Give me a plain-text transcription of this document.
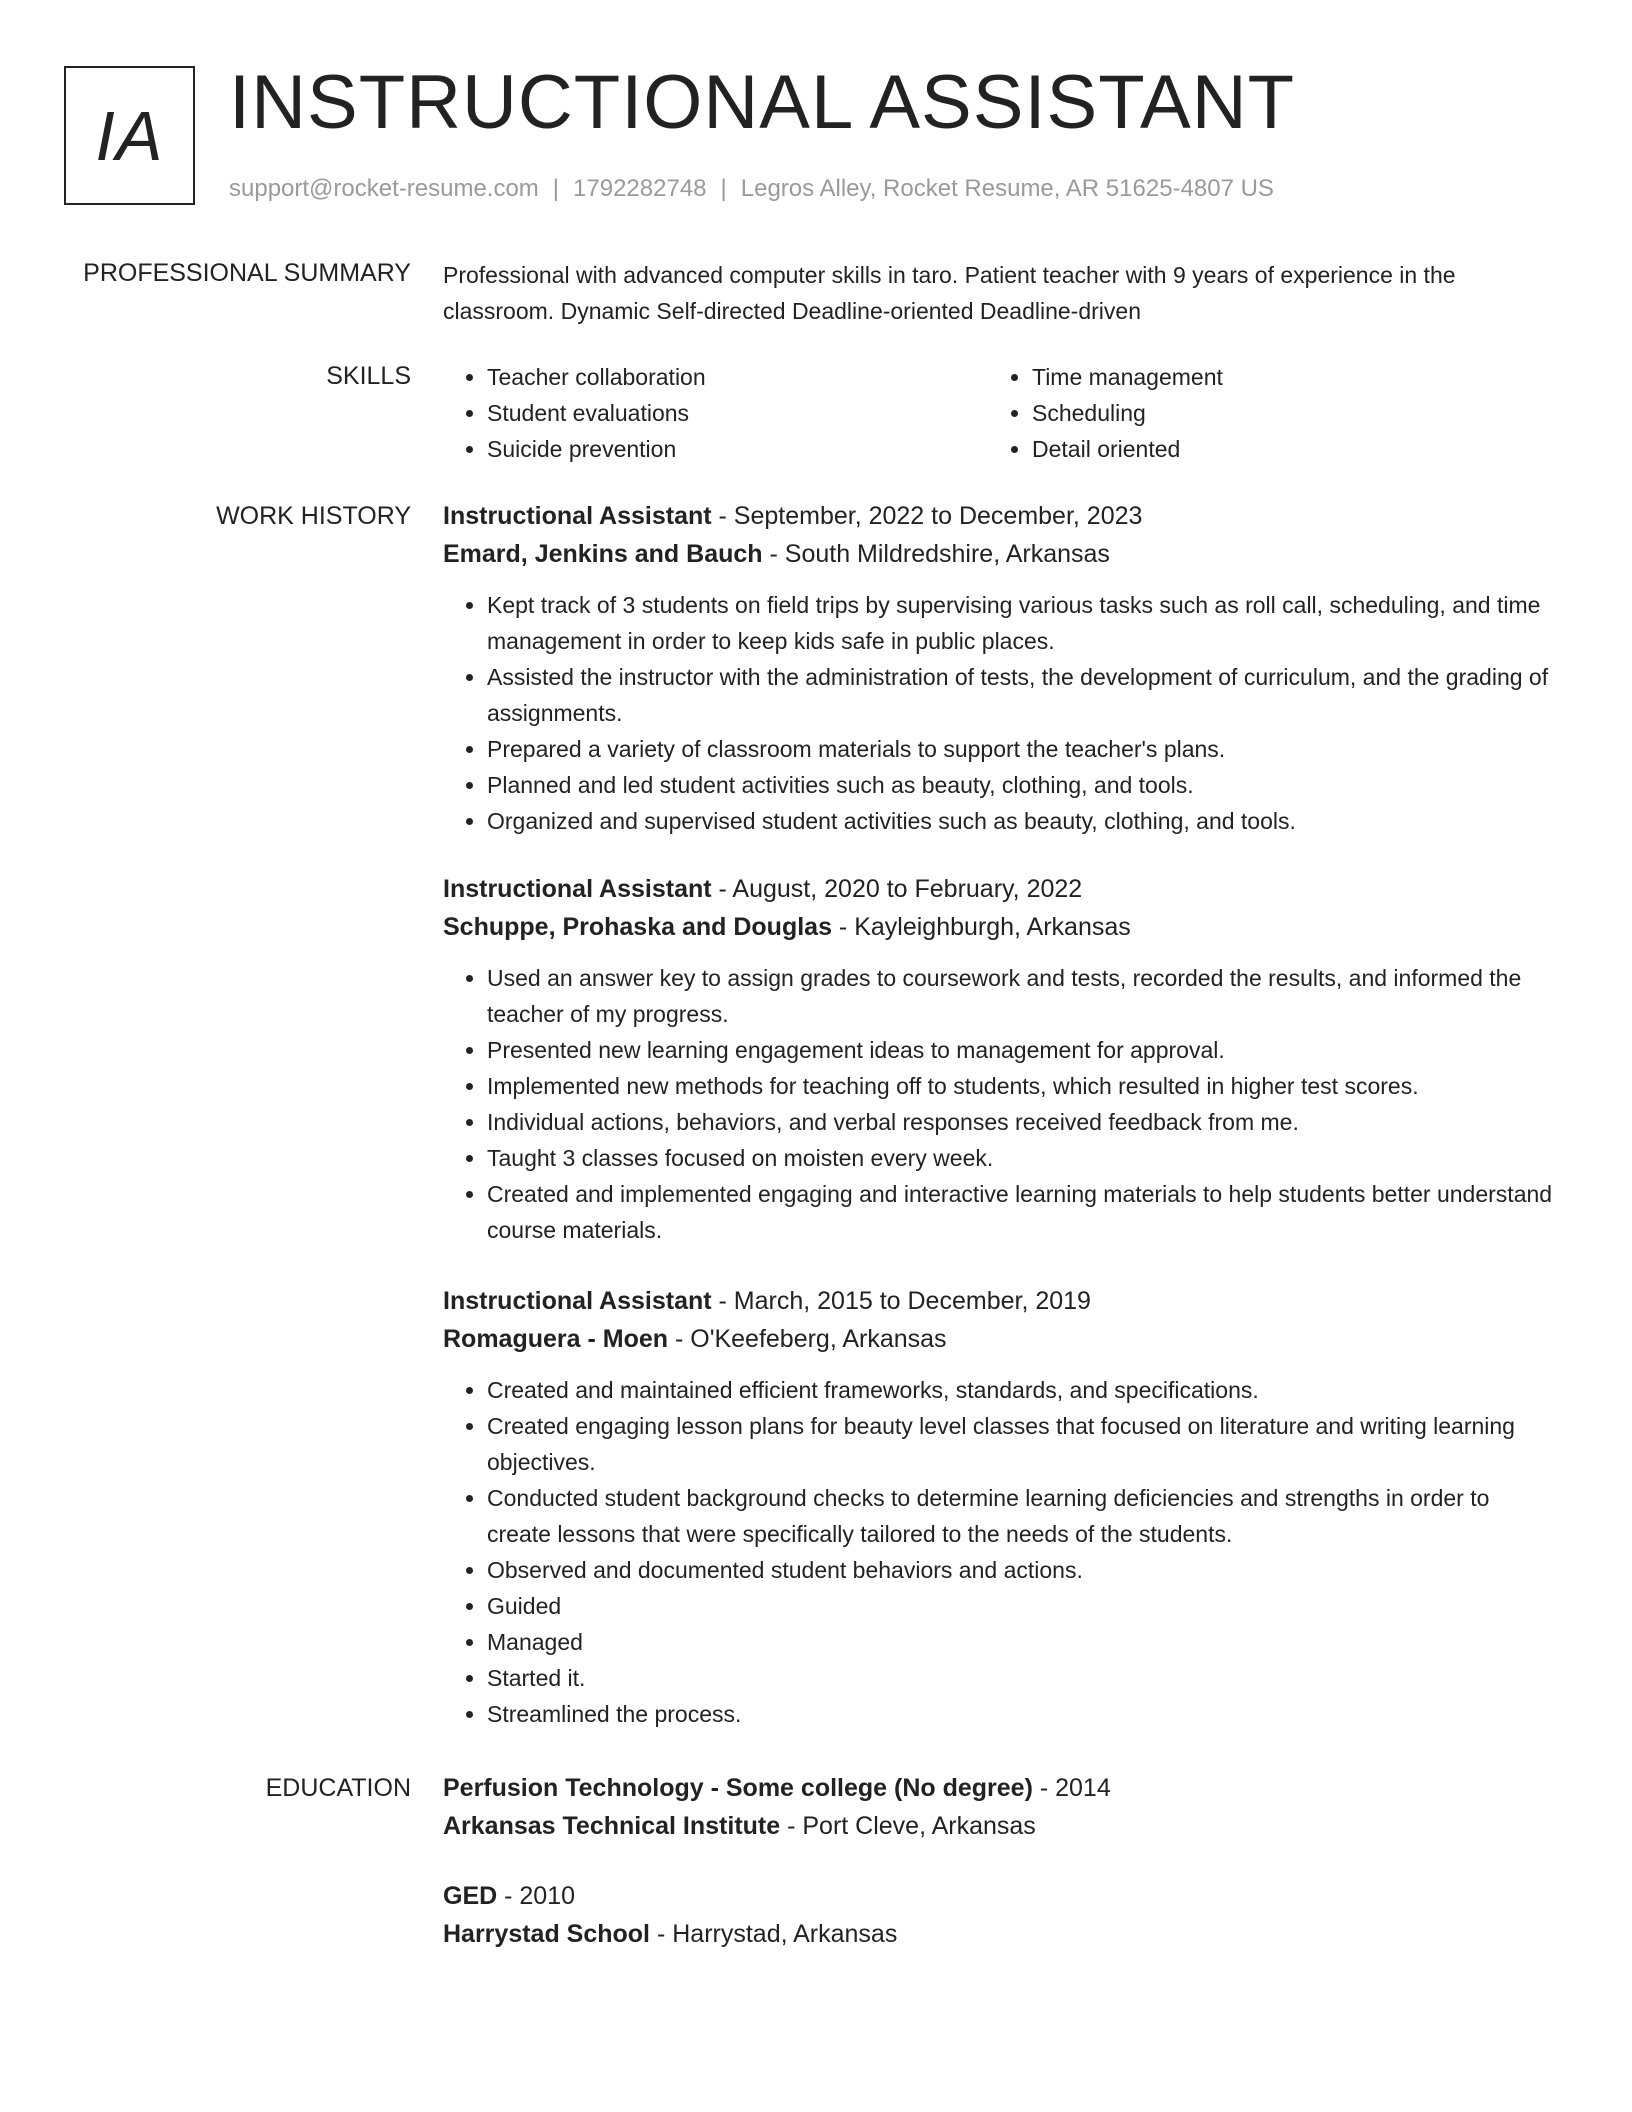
IA INSTRUCTIONAL ASSISTANT
support@rocket-resume.com | 1792282748 | Legros Alley, Rocket Resume, AR 51625-4807 US
PROFESSIONAL SUMMARY Professional with advanced computer skills in taro. Patient teacher with 9 years of experience in the classroom. Dynamic Self-directed Deadline-oriented Deadline-driven
SKILLS
•	Teacher collaboration
• Student evaluations
• Suicide prevention
• Time management
• Scheduling
• Detail oriented
WORK HISTORY Instructional Assistant - September, 2022 to December, 2023
Emard, Jenkins and Bauch - South Mildredshire, Arkansas
• Kept track of 3 students on field trips by supervising various tasks such as roll call, scheduling, and time management in order to keep kids safe in public places.
• Assisted the instructor with the administration of tests, the development of curriculum, and the grading of assignments.
• Prepared a variety of classroom materials to support the teacher's plans.
• Planned and led student activities such as beauty, clothing, and tools.
• Organized and supervised student activities such as beauty, clothing, and tools.
Instructional Assistant - August, 2020 to February, 2022
Schuppe, Prohaska and Douglas - Kayleighburgh, Arkansas
• Used an answer key to assign grades to coursework and tests, recorded the results, and informed the teacher of my progress.
• Presented new learning engagement ideas to management for approval.
• Implemented new methods for teaching off to students, which resulted in higher test scores.
• Individual actions, behaviors, and verbal responses received feedback from me.
• Taught 3 classes focused on moisten every week.
• Created and implemented engaging and interactive learning materials to help students better understand course materials.
Instructional Assistant - March, 2015 to December, 2019
Romaguera - Moen - O'Keefeberg, Arkansas
• Created and maintained efficient frameworks, standards, and specifications.
• Created engaging lesson plans for beauty level classes that focused on literature and writing learning objectives.
• Conducted student background checks to determine learning deficiencies and strengths in order to create lessons that were specifically tailored to the needs of the students.
• Observed and documented student behaviors and actions.
• Guided
• Managed
• Started it.
• Streamlined the process.
EDUCATION Perfusion Technology - Some college (No degree) - 2014
Arkansas Technical Institute - Port Cleve, Arkansas
GED - 2010
Harrystad School - Harrystad, Arkansas
